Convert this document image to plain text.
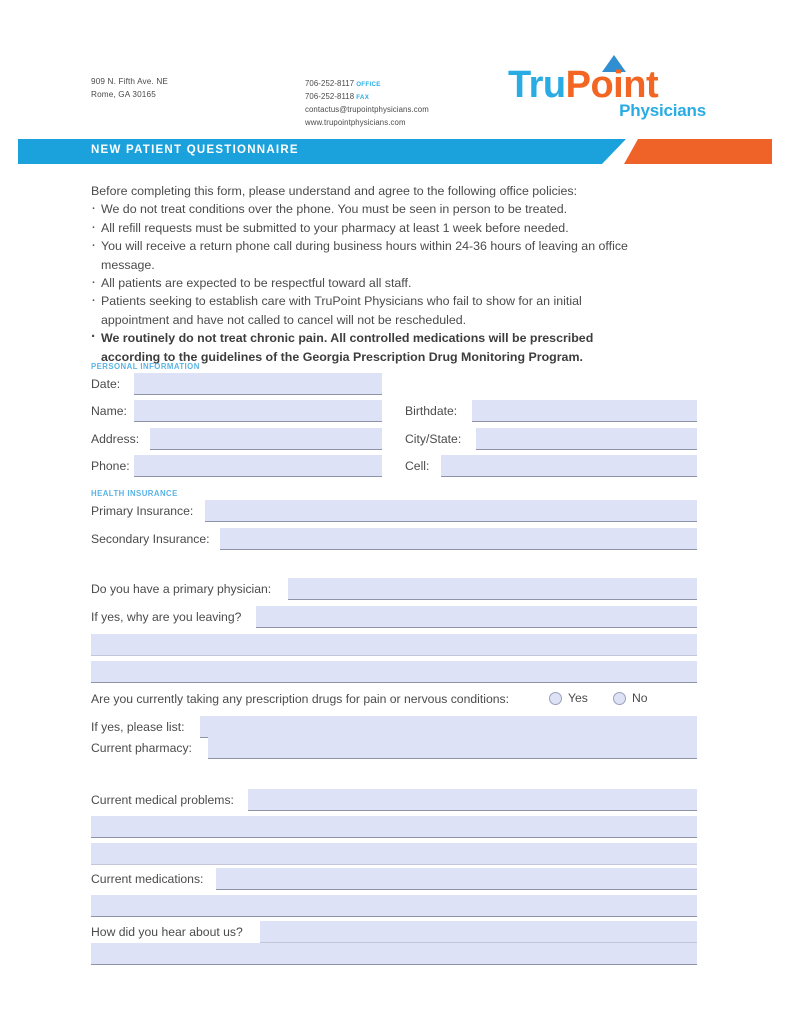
909 N. Fifth Ave. NE
Rome, GA 30165
706-252-8117 OFFICE
706-252-8118 FAX
contactus@trupointphysicians.com
www.trupointphysicians.com
TruPoint
Physicians
NEW PATIENT QUESTIONNAIRE
Before completing this form, please understand and agree to the following office policies:
· We do not treat conditions over the phone. You must be seen in person to be treated.
· All refill requests must be submitted to your pharmacy at least 1 week before needed.
· You will receive a return phone call during business hours within 24-36 hours of leaving an office message.
· All patients are expected to be respectful toward all staff.
· Patients seeking to establish care with TruPoint Physicians who fail to show for an initial appointment and have not called to cancel will not be rescheduled.
· We routinely do not treat chronic pain. All controlled medications will be prescribed according to the guidelines of the Georgia Prescription Drug Monitoring Program.
PERSONAL INFORMATION
Date:
Name:	Birthdate:
Address:	City/State:
Phone:	Cell:
HEALTH INSURANCE
Primary Insurance:
Secondary Insurance:
Do you have a primary physician:
If yes, why are you leaving?
Are you currently taking any prescription drugs for pain or nervous conditions:	Yes	No
If yes, please list:
Current pharmacy:
Current medical problems:
Current medications:
How did you hear about us?
